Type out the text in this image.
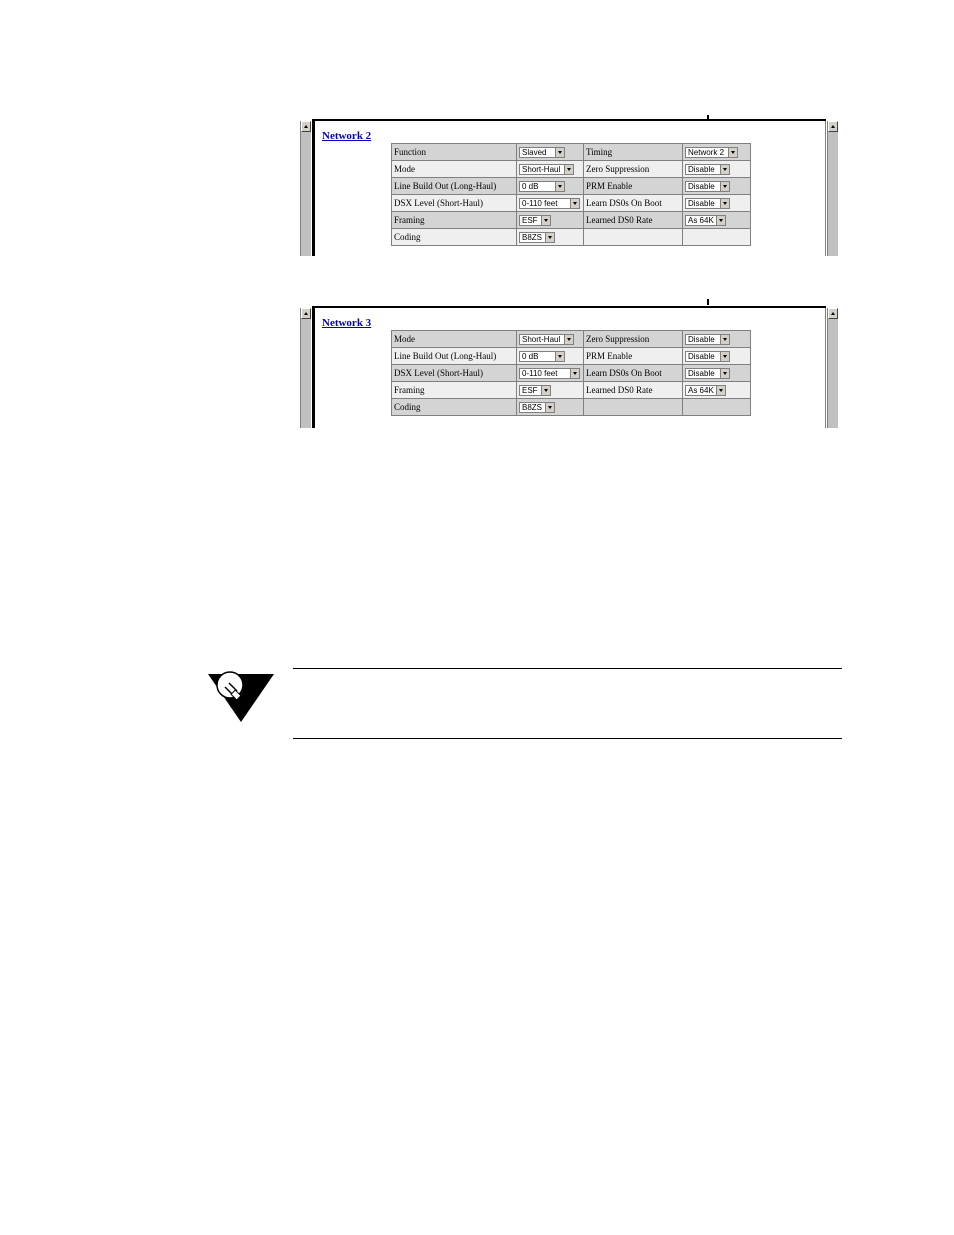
Network 2
Function	Slaved	Timing	Network 2

Mode	Short-Haul	Zero Suppression	Disable

Line Build Out (Long-Haul)	0 dB	PRM Enable	Disable

DSX Level (Short-Haul)	0-110 feet	Learn DS0s On Boot	Disable

Framing	ESF	Learned DS0 Rate	As 64K

Coding	B8ZS

Network 3
Mode	Short-Haul	Zero Suppression	Disable

Line Build Out (Long-Haul)	0 dB	PRM Enable	Disable

DSX Level (Short-Haul)	0-110 feet	Learn DS0s On Boot	Disable

Framing	ESF	Learned DS0 Rate	As 64K

Coding	B8ZS
